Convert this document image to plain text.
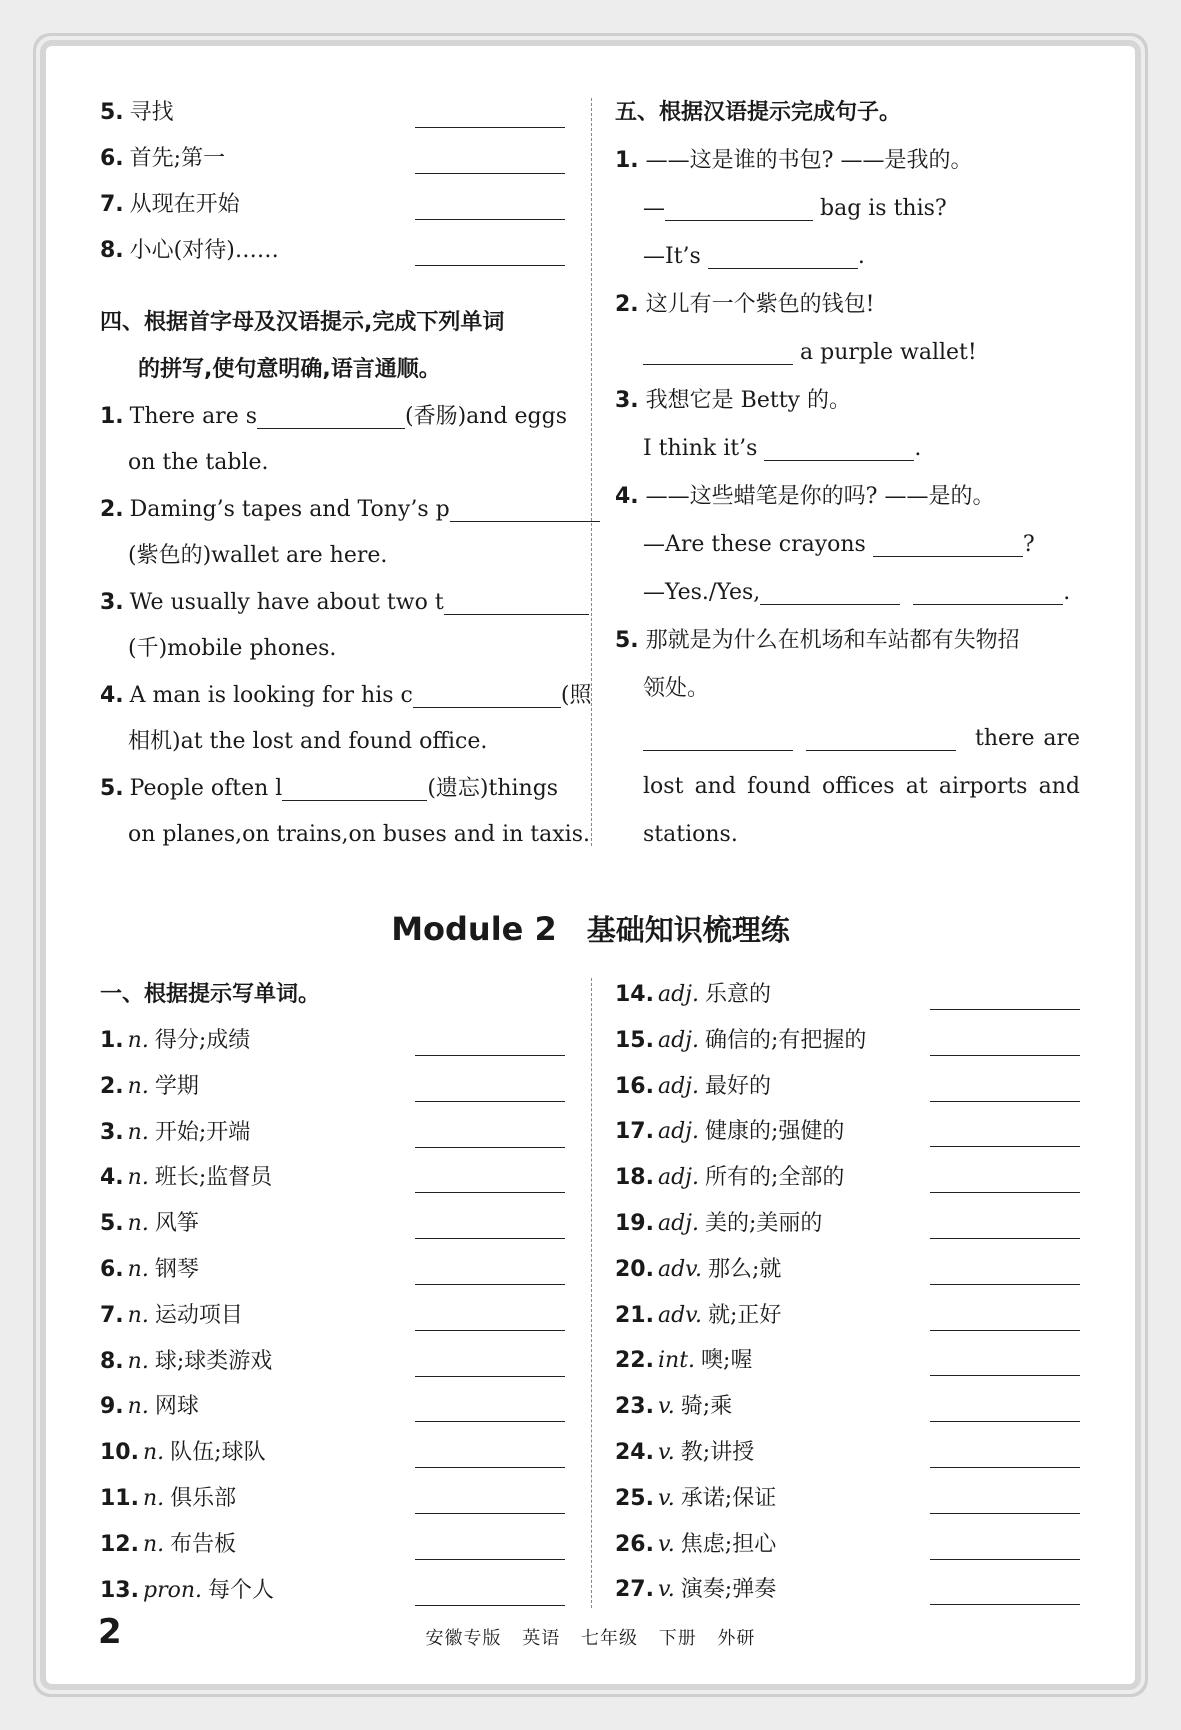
5. 寻找
6. 首先;第一
7. 从现在开始
8. 小心(对待)……
四、根据首字母及汉语提示,完成下列单词
的拼写,使句意明确,语言通顺。
1. There are s	(香肠)and eggs
on the table.
2. Daming’s tapes and Tony’s p
(紫色的)wallet are here.
3. We usually have about two t
(千)mobile phones.
4. A man is looking for his c	(照
相机)at the lost and found office.
5. People often l	(遗忘)things
on planes,on trains,on buses and in taxis.
五、根据汉语提示完成句子。
1. ——这是谁的书包? ——是我的。
—	bag is this?
—It’s	.
2. 这儿有一个紫色的钱包!
a purple wallet!
3. 我想它是 Betty 的。
I think it’s	.
4. ——这些蜡笔是你的吗? ——是的。
—Are these crayons	?
—Yes./Yes,	.
5. 那就是为什么在机场和车站都有失物招
领处。

there are
lost and found offices at airports and
stations.
Module 2 基础知识梳理练
一、根据提示写单词。
1. n. 得分;成绩
2. n. 学期
3. n. 开始;开端
4. n. 班长;监督员
5. n. 风筝
6. n. 钢琴
7. n. 运动项目
8. n. 球;球类游戏
9. n. 网球
10. n. 队伍;球队
11. n. 俱乐部
12. n. 布告板
13. pron. 每个人
14. adj. 乐意的
15. adj. 确信的;有把握的
16. adj. 最好的
17. adj. 健康的;强健的
18. adj. 所有的;全部的
19. adj. 美的;美丽的
20. adv. 那么;就
21. adv. 就;正好
22. int. 噢;喔
23. v. 骑;乘
24. v. 教;讲授
25. v. 承诺;保证
26. v. 焦虑;担心
27. v. 演奏;弹奏
2	安徽专版 英语 七年级 下册 外研
